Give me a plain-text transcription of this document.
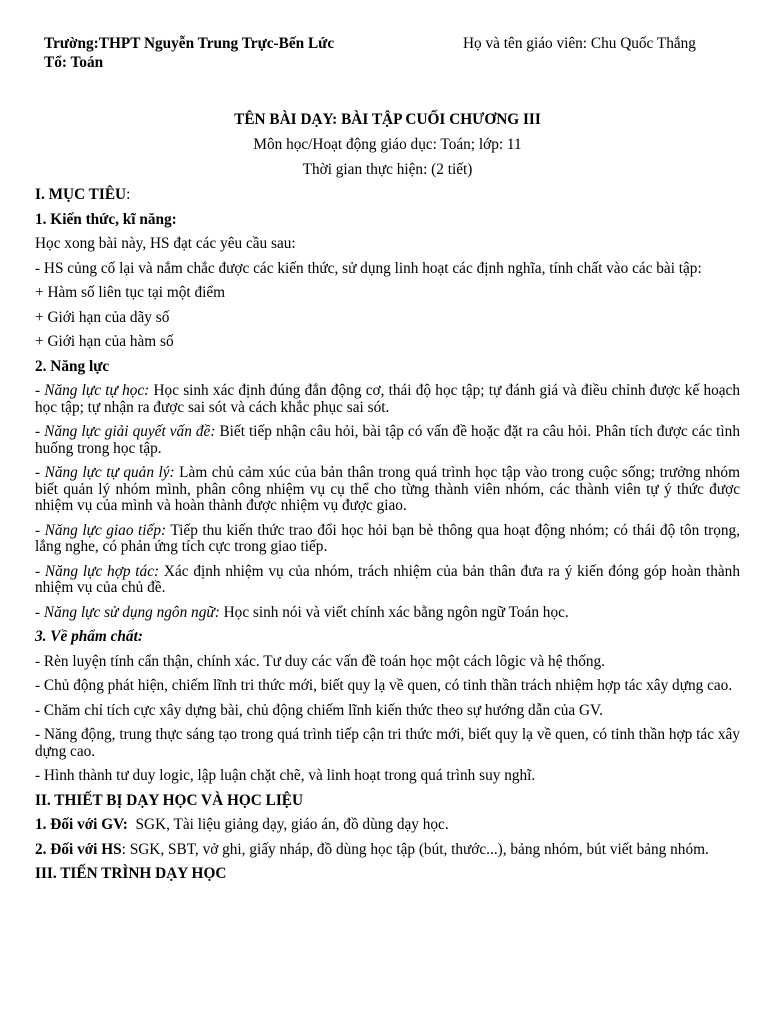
Trường:THPT Nguyễn Trung Trực-Bến Lức
Tổ: Toán
Họ và tên giáo viên: Chu Quốc Thắng
TÊN BÀI DẠY: BÀI TẬP CUỐI CHƯƠNG III
Môn học/Hoạt động giáo dục: Toán; lớp: 11
Thời gian thực hiện: (2 tiết)

I. MỤC TIÊU:

1. Kiến thức, kĩ năng:

Học xong bài này, HS đạt các yêu cầu sau:

- HS củng cố lại và nắm chắc được các kiến thức, sử dụng linh hoạt các định nghĩa, tính chất vào các bài tập:

+ Hàm số liên tục tại một điểm

+ Giới hạn của dãy số

+ Giới hạn của hàm số

2. Năng lực

- Năng lực tự học: Học sinh xác định đúng đắn động cơ, thái độ học tập; tự đánh giá và điều chỉnh được kế hoạch học tập; tự nhận ra được sai sót và cách khắc phục sai sót.

- Năng lực giải quyết vấn đề: Biết tiếp nhận câu hỏi, bài tập có vấn đề hoặc đặt ra câu hỏi. Phân tích được các tình huống trong học tập.

- Năng lực tự quản lý: Làm chủ cảm xúc của bản thân trong quá trình học tập vào trong cuộc sống; trưởng nhóm biết quản lý nhóm mình, phân công nhiệm vụ cụ thể cho từng thành viên nhóm, các thành viên tự ý thức được nhiệm vụ của mình và hoàn thành được nhiệm vụ được giao.

- Năng lực giao tiếp: Tiếp thu kiến thức trao đổi học hỏi bạn bè thông qua hoạt động nhóm; có thái độ tôn trọng, lắng nghe, có phản ứng tích cực trong giao tiếp.

- Năng lực hợp tác: Xác định nhiệm vụ của nhóm, trách nhiệm của bản thân đưa ra ý kiến đóng góp hoàn thành nhiệm vụ của chủ đề.

- Năng lực sử dụng ngôn ngữ: Học sinh nói và viết chính xác bằng ngôn ngữ Toán học.

3. Về phẩm chất:

- Rèn luyện tính cẩn thận, chính xác. Tư duy các vấn đề toán học một cách lôgic và hệ thống.

- Chủ động phát hiện, chiếm lĩnh tri thức mới, biết quy lạ về quen, có tinh thần trách nhiệm hợp tác xây dựng cao.

- Chăm chỉ tích cực xây dựng bài, chủ động chiếm lĩnh kiến thức theo sự hướng dẫn của GV.

- Năng động, trung thực sáng tạo trong quá trình tiếp cận tri thức mới, biết quy lạ về quen, có tinh thần hợp tác xây dựng cao.

- Hình thành tư duy logic, lập luận chặt chẽ, và linh hoạt trong quá trình suy nghĩ.

II. THIẾT BỊ DẠY HỌC VÀ HỌC LIỆU

1. Đối với GV:  SGK, Tài liệu giảng dạy, giáo án, đồ dùng dạy học.

2. Đối với HS: SGK, SBT, vở ghi, giấy nháp, đồ dùng học tập (bút, thước...), bảng nhóm, bút viết bảng nhóm.

III. TIẾN TRÌNH DẠY HỌC
